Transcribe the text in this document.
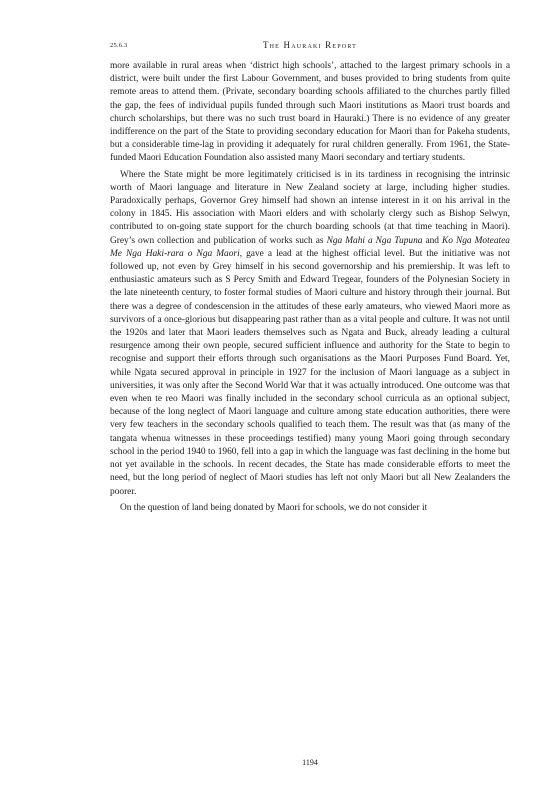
The Hauraki Report
25.6.3

more available in rural areas when ‘district high schools’, attached to the largest primary schools in a district, were built under the first Labour Government, and buses provided to bring students from quite remote areas to attend them. (Private, secondary boarding schools affiliated to the churches partly filled the gap, the fees of individual pupils funded through such Maori institutions as Maori trust boards and church scholarships, but there was no such trust board in Hauraki.) There is no evidence of any greater indifference on the part of the State to providing secondary education for Maori than for Pakeha students, but a considerable time-lag in providing it adequately for rural children generally. From 1961, the State-funded Maori Education Foundation also assisted many Maori secondary and tertiary students.

Where the State might be more legitimately criticised is in its tardiness in recognising the intrinsic worth of Maori language and literature in New Zealand society at large, including higher studies. Paradoxically perhaps, Governor Grey himself had shown an intense interest in it on his arrival in the colony in 1845. His association with Maori elders and with scholarly clergy such as Bishop Selwyn, contributed to on-going state support for the church boarding schools (at that time teaching in Maori). Grey’s own collection and publication of works such as Nga Mahi a Nga Tupuna and Ko Nga Moteatea Me Nga Haki-rara o Nga Maori, gave a lead at the highest official level. But the initiative was not followed up, not even by Grey himself in his second governorship and his premiership. It was left to enthusiastic amateurs such as S Percy Smith and Edward Tregear, founders of the Polynesian Society in the late nineteenth century, to foster formal studies of Maori culture and history through their journal. But there was a degree of condescension in the attitudes of these early amateurs, who viewed Maori more as survivors of a once-glorious but disappearing past rather than as a vital people and culture. It was not until the 1920s and later that Maori leaders themselves such as Ngata and Buck, already leading a cultural resurgence among their own people, secured sufficient influence and authority for the State to begin to recognise and support their efforts through such organisations as the Maori Purposes Fund Board. Yet, while Ngata secured approval in principle in 1927 for the inclusion of Maori language as a subject in universities, it was only after the Second World War that it was actually introduced. One outcome was that even when te reo Maori was finally included in the secondary school curricula as an optional subject, because of the long neglect of Maori language and culture among state education authorities, there were very few teachers in the secondary schools qualified to teach them. The result was that (as many of the tangata whenua witnesses in these proceedings testified) many young Maori going through secondary school in the period 1940 to 1960, fell into a gap in which the language was fast declining in the home but not yet available in the schools. In recent decades, the State has made considerable efforts to meet the need, but the long period of neglect of Maori studies has left not only Maori but all New Zealanders the poorer.

On the question of land being donated by Maori for schools, we do not consider it

1194
